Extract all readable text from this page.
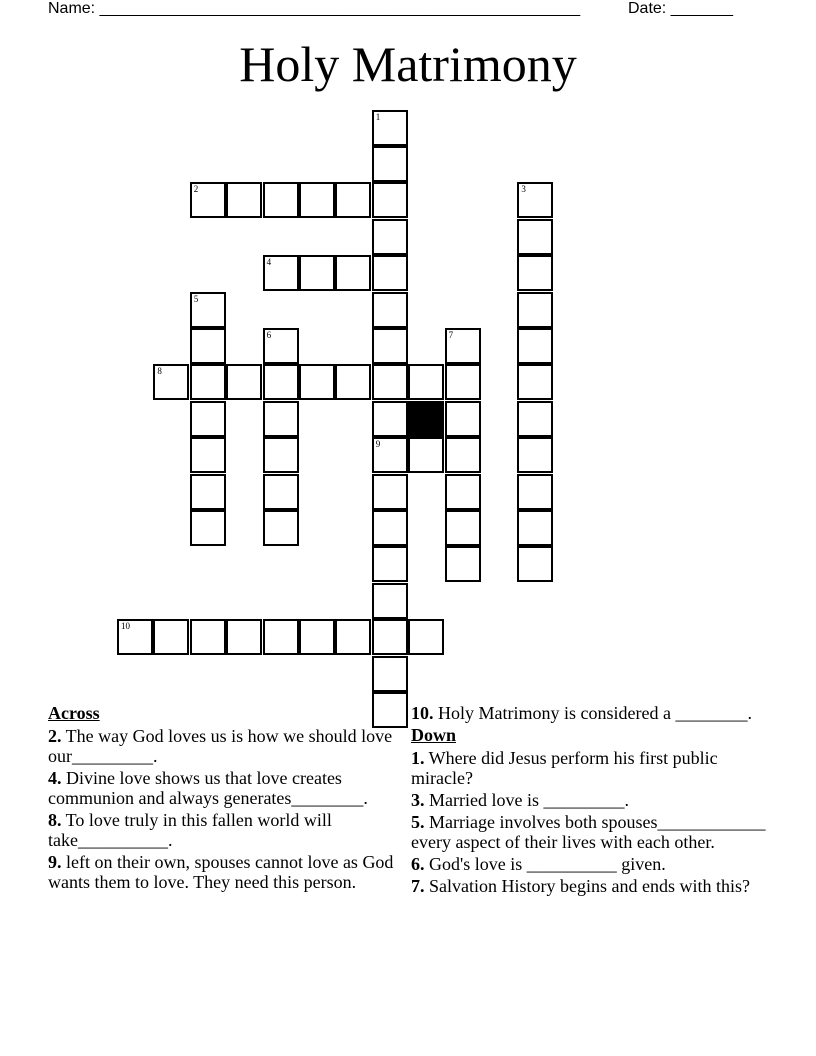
Name: ______________________________________________________	Date: _______
Holy Matrimony
1
9
2	3
4
5
6	7
8
10
Across
2. The way God loves us is how we should love our_________.
4. Divine love shows us that love creates communion and always generates________.
8. To love truly in this fallen world will take__________.
9. left on their own, spouses cannot love as God wants them to love. They need this person.
10. Holy Matrimony is considered a ________.
Down
1. Where did Jesus perform his first public miracle?
3. Married love is _________.
5. Marriage involves both spouses____________ every aspect of their lives with each other.
6. God's love is __________ given.
7. Salvation History begins and ends with this?
